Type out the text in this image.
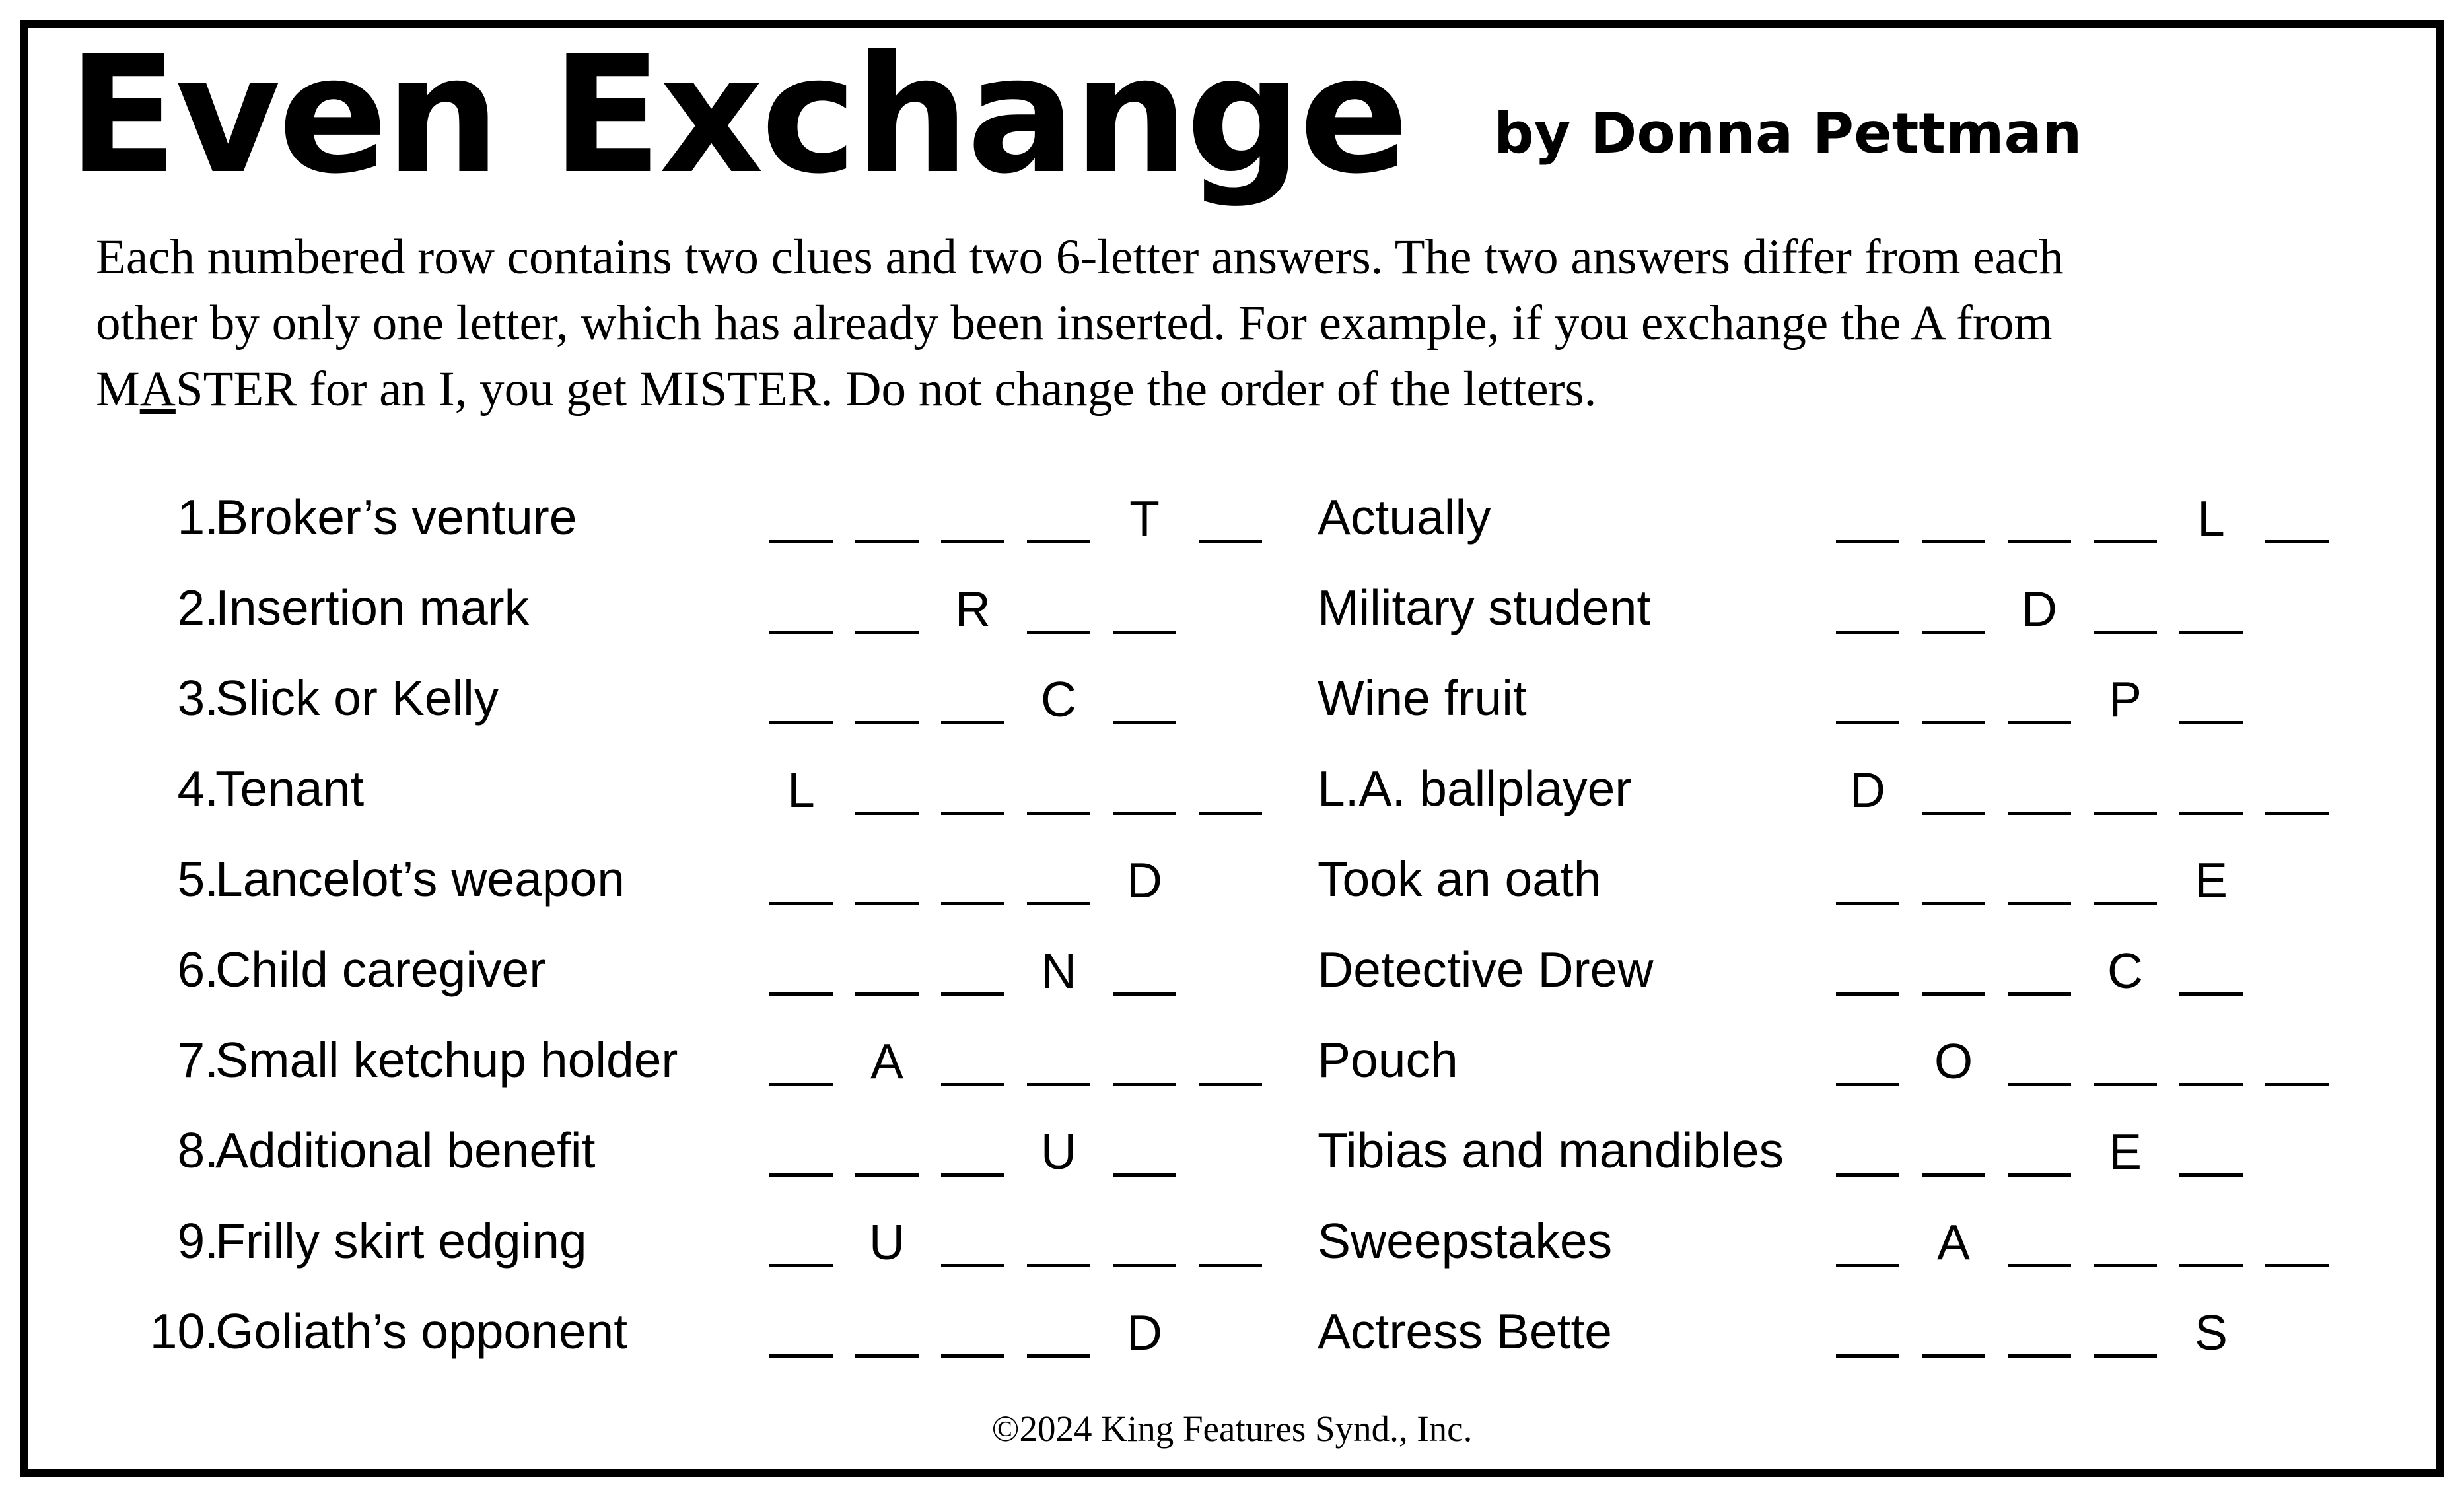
Even Exchange by Donna Pettman

Each numbered row contains two clues and two 6-letter answers. The two answers differ from each

other by only one letter, which has already been inserted. For example, if you exchange the A from

MASTER for an I, you get MISTER. Do not change the order of the letters.

1.
Broker’s venture	T	Actually	L
2.
Insertion mark	R	Military student	D
3.
Slick or Kelly	C	Wine fruit	P
4.
Tenant	L	L.A. ballplayer	D
5.
Lancelot’s weapon	D	Took an oath	E
6.
Child caregiver	N	Detective Drew	C
7.
Small ketchup holder	A	Pouch	O
8.
Additional benefit	U	Tibias and mandibles	E
9.
Frilly skirt edging	U	Sweepstakes	A
10.
Goliath’s opponent	D	Actress Bette	S
©2024 King Features Synd., Inc.
